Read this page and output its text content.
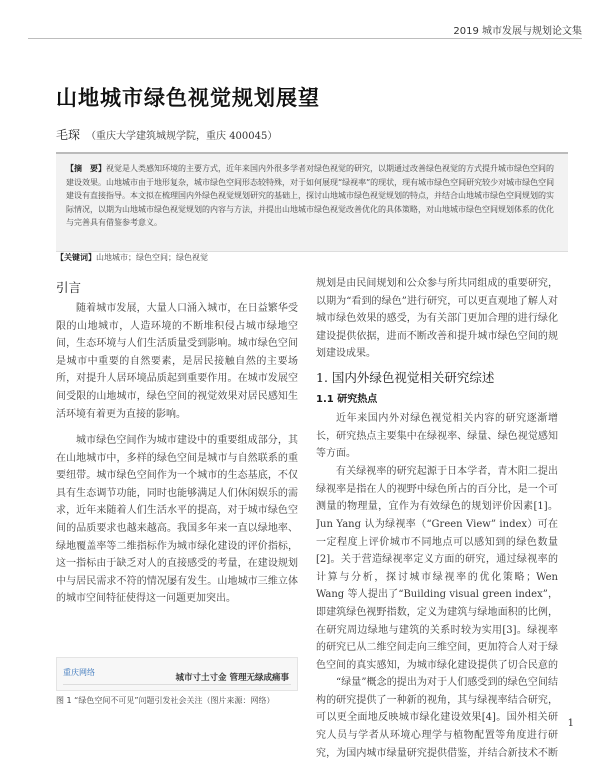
2019 城市发展与规划论文集
山地城市绿色视觉规划展望
毛琛 （重庆大学建筑城规学院，重庆 400045）
【摘　要】视觉是人类感知环境的主要方式，近年来国内外很多学者对绿色视觉的研究，以期通过改善绿色视觉的方式提升城市绿色空间的建设效果。山地城市由于地形复杂，城市绿色空间形态较特殊，对于如何展现“绿视率”的现状，现有城市绿色空间研究较少对城市绿色空间建设有直接指导。本文拟在梳理国内外绿色视觉规划研究的基础上，探讨山地城市绿色视觉规划的特点，并结合山地城市绿色空间规划的实际情况，以期为山地城市绿色视觉规划的内容与方法，并提出山地城市绿色视觉改善优化的具体策略，对山地城市绿色空间规划体系的优化与完善具有借鉴参考意义。
【关键词】山地城市；绿色空间；绿色视觉
引言

随着城市发展，大量人口涌入城市，在日益繁华受限的山地城市，人造环境的不断堆积侵占城市绿地空间，生态环境与人们生活质量受到影响。城市绿色空间是城市中重要的自然要素，是居民接触自然的主要场所，对提升人居环境品质起到重要作用。在城市发展空间受限的山地城市，绿色空间的视觉效果对居民感知生活环境有着更为直接的影响。

城市绿色空间作为城市建设中的重要组成部分，其在山地城市中，多样的绿色空间是城市与自然联系的重要纽带。城市绿色空间作为一个城市的生态基底，不仅具有生态调节功能，同时也能够满足人们休闲娱乐的需求，近年来随着人们生活水平的提高，对于城市绿色空间的品质要求也越来越高。我国多年来一直以绿地率、绿地覆盖率等二维指标作为城市绿化建设的评价指标，这一指标由于缺乏对人的直接感受的考量，在建设规划中与居民需求不符的情况屡有发生。山地城市三维立体的城市空间特征使得这一问题更加突出。

重庆网络
城市寸土寸金 管理无绿成痛事
图 1 “绿色空间不可见”问题引发社会关注（图片来源：网络）

规划是由民间规划和公众参与所共同组成的重要研究，以期为“看到的绿色”进行研究，可以更直观地了解人对城市绿色效果的感受，为有关部门更加合理的进行绿化建设提供依据，进而不断改善和提升城市绿色空间的规划建设成果。

1. 国内外绿色视觉相关研究综述
1.1 研究热点

近年来国内外对绿色视觉相关内容的研究逐渐增长，研究热点主要集中在绿视率、绿量、绿色视觉感知等方面。

有关绿视率的研究起源于日本学者，青木阳二提出绿视率是指在人的视野中绿色所占的百分比，是一个可测量的物理量，宜作为有效绿色的规划评价因素[1]。Jun Yang 认为绿视率（“Green View” index）可在一定程度上评价城市不同地点可以感知到的绿色数量[2]。关于营造绿视率定义方面的研究，通过绿视率的计算与分析，探讨城市绿视率的优化策略；Wen Wang 等人提出了“Building visual green index”，即建筑绿色视野指数，定义为建筑与绿地面积的比例，在研究周边绿地与建筑的关系时较为实用[3]。绿视率的研究已从二维空间走向三维空间，更加符合人对于绿色空间的真实感知，为城市绿化建设提供了切合民意的

“绿量”概念的提出为对于人们感受到的绿色空间结构的研究提供了一种新的视角，其与绿视率结合研究，可以更全面地反映城市绿化建设效果[4]。国外相关研究人员与学者从环境心理学与植物配置等角度进行研究，为国内城市绿量研究提供借鉴，并结合新技术不断

1
